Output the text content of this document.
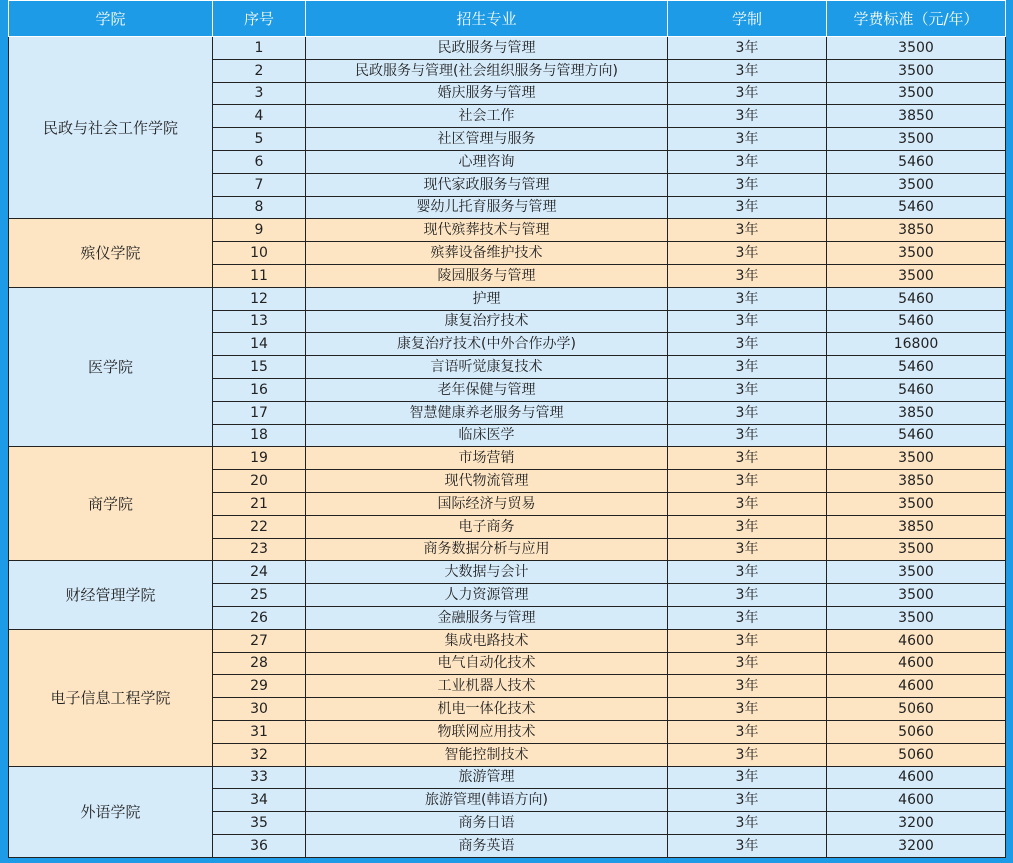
学院	序号	招生专业	学制	学费标准（元/年）
民政与社会工作学院	1	民政服务与管理	3年	3500
	2	民政服务与管理(社会组织服务与管理方向)	3年	3500
	3	婚庆服务与管理	3年	3500
	4	社会工作	3年	3850
	5	社区管理与服务	3年	3500
	6	心理咨询	3年	5460
	7	现代家政服务与管理	3年	3500
	8	婴幼儿托育服务与管理	3年	5460
殡仪学院	9	现代殡葬技术与管理	3年	3850
	10	殡葬设备维护技术	3年	3500
	11	陵园服务与管理	3年	3500
医学院	12	护理	3年	5460
	13	康复治疗技术	3年	5460
	14	康复治疗技术(中外合作办学)	3年	16800
	15	言语听觉康复技术	3年	5460
	16	老年保健与管理	3年	5460
	17	智慧健康养老服务与管理	3年	3850
	18	临床医学	3年	5460
商学院	19	市场营销	3年	3500
	20	现代物流管理	3年	3850
	21	国际经济与贸易	3年	3500
	22	电子商务	3年	3850
	23	商务数据分析与应用	3年	3500
财经管理学院	24	大数据与会计	3年	3500
	25	人力资源管理	3年	3500
	26	金融服务与管理	3年	3500
电子信息工程学院	27	集成电路技术	3年	4600
	28	电气自动化技术	3年	4600
	29	工业机器人技术	3年	4600
	30	机电一体化技术	3年	5060
	31	物联网应用技术	3年	5060
	32	智能控制技术	3年	5060
外语学院	33	旅游管理	3年	4600
	34	旅游管理(韩语方向)	3年	4600
	35	商务日语	3年	3200
	36	商务英语	3年	3200
